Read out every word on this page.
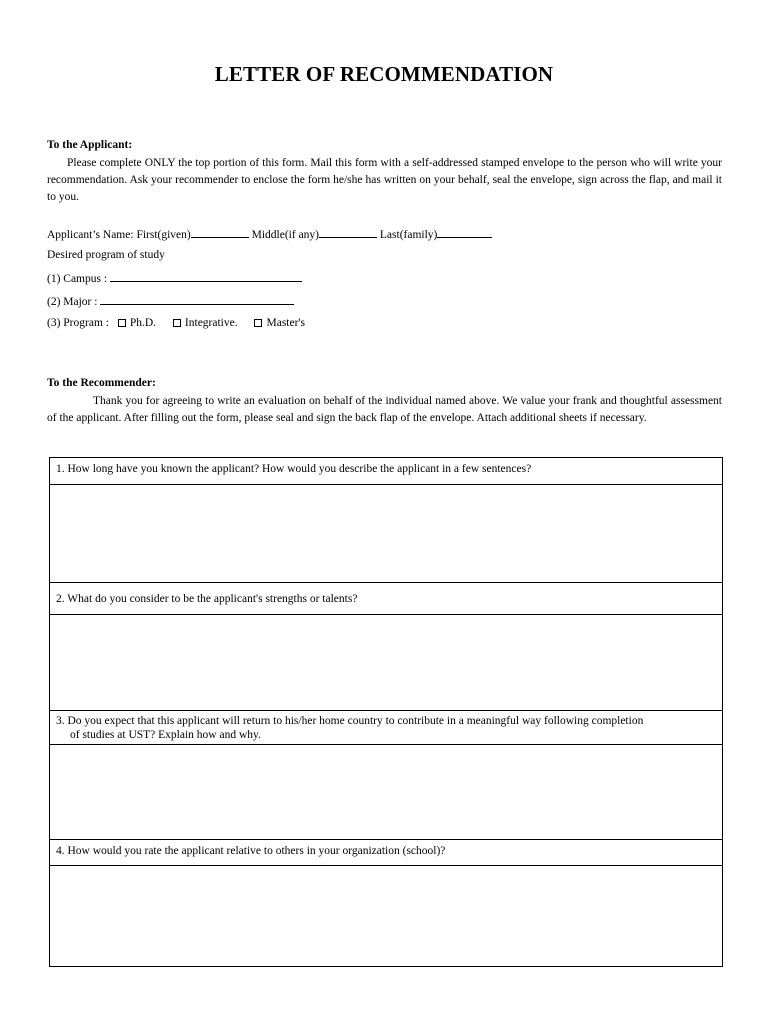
LETTER OF RECOMMENDATION
To the Applicant:

Please complete ONLY the top portion of this form. Mail this form with a self-addressed stamped envelope to the person who will write your recommendation. Ask your recommender to enclose the form he/she has written on your behalf, seal the envelope, sign across the flap, and mail it to you.

Applicant’s Name: First(given)	Middle(if any)	Last(family)
Desired program of study
(1) Campus :
(2) Major :
(3) Program : Ph.D.	Integrative.	Master's
To the Recommender:

Thank you for agreeing to write an evaluation on behalf of the individual named above. We value your frank and thoughtful assessment of the applicant. After filling out the form, please seal and sign the back flap of the envelope. Attach additional sheets if necessary.

1. How long have you known the applicant? How would you describe the applicant in a few sentences?
2. What do you consider to be the applicant's strengths or talents?
3. Do you expect that this applicant will return to his/her home country to contribute in a meaningful way following completion
of studies at UST? Explain how and why.
4. How would you rate the applicant relative to others in your organization (school)?
